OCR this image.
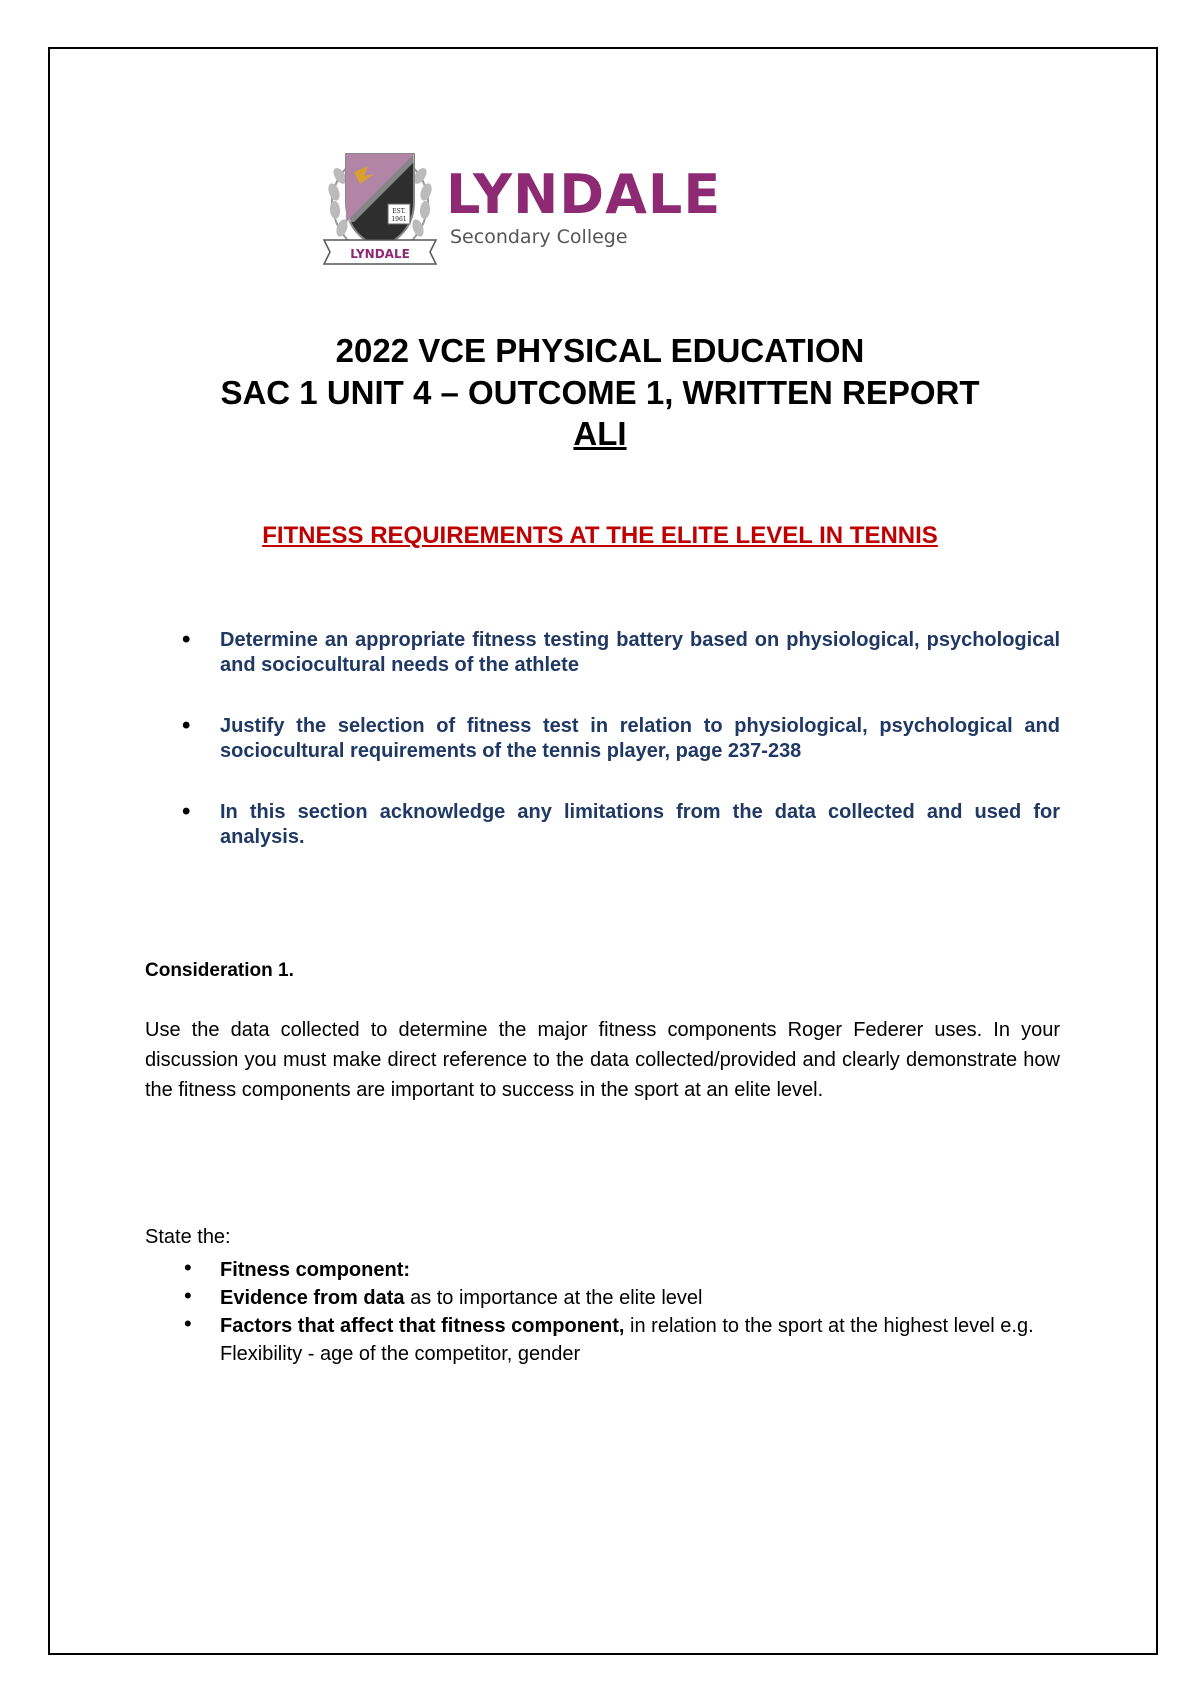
EST.
1961
LYNDALE
LYNDALE
Secondary College
2022 VCE PHYSICAL EDUCATION
SAC 1 UNIT 4 – OUTCOME 1, WRITTEN REPORT
ALI
FITNESS REQUIREMENTS AT THE ELITE LEVEL IN TENNIS
• Determine an appropriate fitness testing battery based on physiological, psychological and sociocultural needs of the athlete
• Justify the selection of fitness test in relation to physiological, psychological and sociocultural requirements of the tennis player, page 237-238
• In this section acknowledge any limitations from the data collected and used for analysis.
Consideration 1.
Use the data collected to determine the major fitness components Roger Federer uses. In your discussion you must make direct reference to the data collected/provided and clearly demonstrate how the fitness components are important to success in the sport at an elite level.
State the:
• Fitness component:
• Evidence from data as to importance at the elite level
• Factors that affect that fitness component, in relation to the sport at the highest level e.g. Flexibility - age of the competitor, gender
